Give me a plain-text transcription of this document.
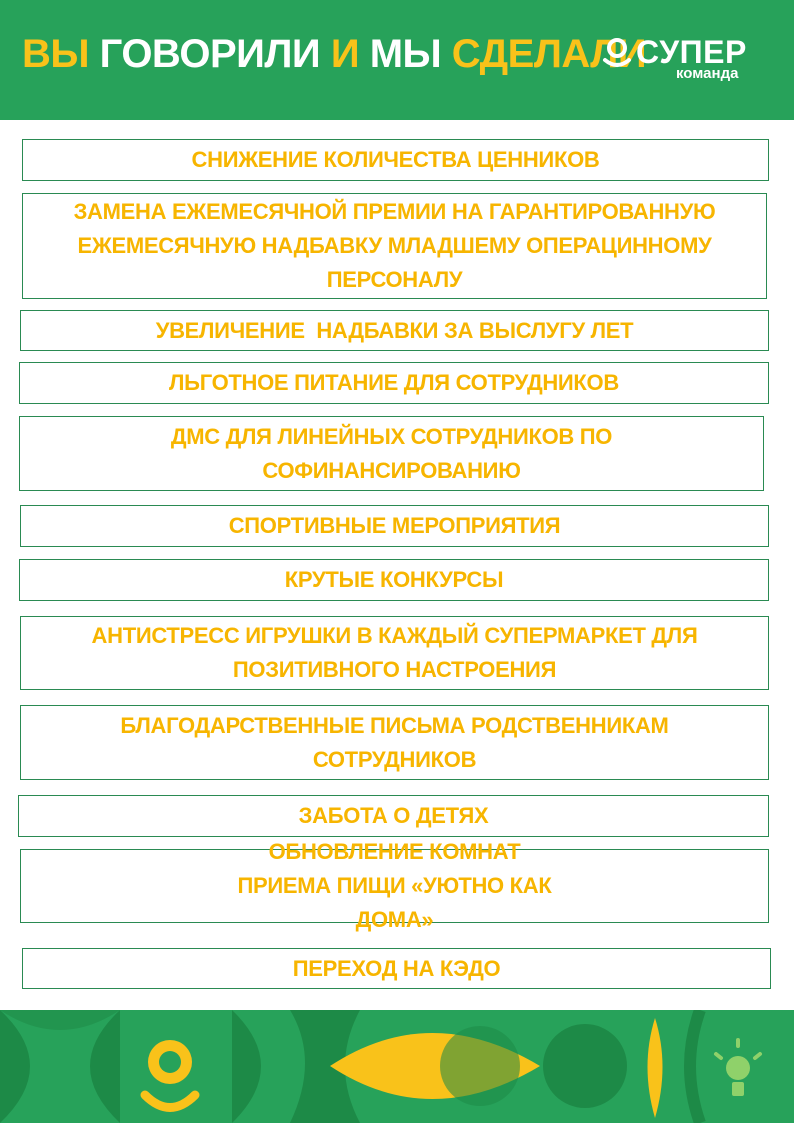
ВЫ ГОВОРИЛИ И МЫ СДЕЛАЛИ
СУПЕР
команда
СНИЖЕНИЕ КОЛИЧЕСТВА ЦЕННИКОВ
ЗАМЕНА ЕЖЕМЕСЯЧНОЙ ПРЕМИИ НА ГАРАНТИРОВАННУЮ ЕЖЕМЕСЯЧНУЮ НАДБАВКУ МЛАДШЕМУ ОПЕРАЦИННОМУ ПЕРСОНАЛУ
УВЕЛИЧЕНИЕ  НАДБАВКИ ЗА ВЫСЛУГУ ЛЕТ
ЛЬГОТНОЕ ПИТАНИЕ ДЛЯ СОТРУДНИКОВ
ДМС ДЛЯ ЛИНЕЙНЫХ СОТРУДНИКОВ ПО СОФИНАНСИРОВАНИЮ
СПОРТИВНЫЕ МЕРОПРИЯТИЯ
КРУТЫЕ КОНКУРСЫ
АНТИСТРЕСС ИГРУШКИ В КАЖДЫЙ СУПЕРМАРКЕТ ДЛЯ ПОЗИТИВНОГО НАСТРОЕНИЯ
БЛАГОДАРСТВЕННЫЕ ПИСЬМА РОДСТВЕННИКАМ СОТРУДНИКОВ
ЗАБОТА О ДЕТЯХ
ОБНОВЛЕНИЕ КОМНАТ ПРИЕМА ПИЩИ «УЮТНО КАК ДОМА»
ПЕРЕХОД НА КЭДО
